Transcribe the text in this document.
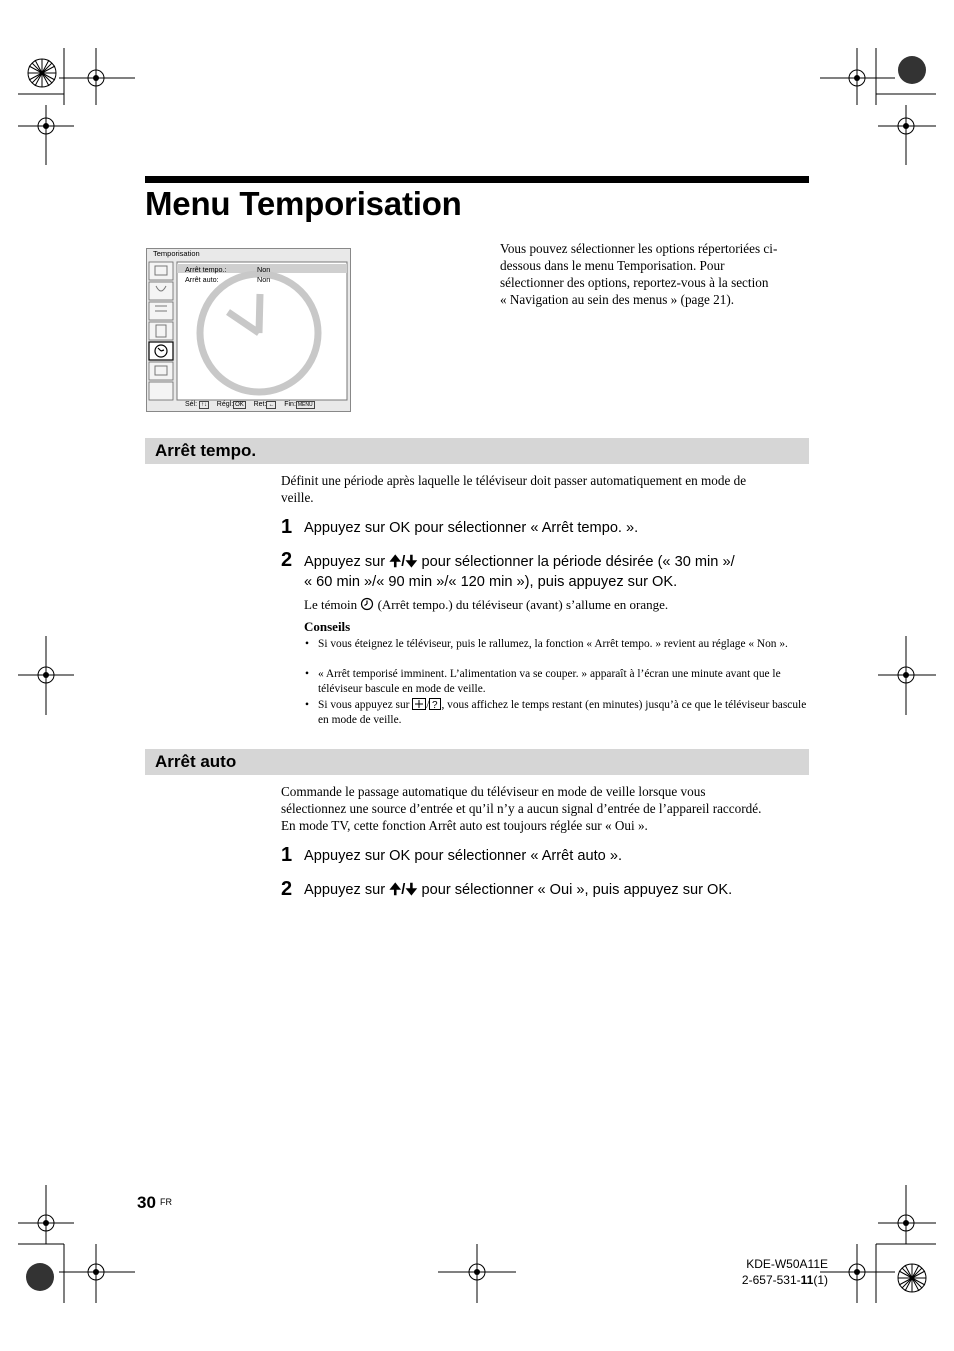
Menu Temporisation
Temporisation
Arrêt tempo.:	Non
Arrêt auto:	Non
Sél: ↑↓ Régl: OK Ret: ← Fin: MENU
Vous pouvez sélectionner les options répertoriées ci-
dessous dans le menu Temporisation. Pour
sélectionner des options, reportez-vous à la section
« Navigation au sein des menus » (page 21).
Arrêt tempo.
Définit une période après laquelle le téléviseur doit passer automatiquement en mode de
veille.
1 Appuyez sur OK pour sélectionner « Arrêt tempo. ».
2 Appuyez sur 🠉/🠋 pour sélectionner la période désirée (« 30 min »/
« 60 min »/« 90 min »/« 120 min »), puis appuyez sur OK.
Le témoin (Arrêt tempo.) du téléviseur (avant) s’allume en orange.
Conseils
• Si vous éteignez le téléviseur, puis le rallumez, la fonction « Arrêt tempo. » revient au réglage « Non ».
• « Arrêt temporisé imminent. L’alimentation va se couper. » apparaît à l’écran une minute avant que le téléviseur bascule en mode de veille.
• Si vous appuyez sur / ? , vous affichez le temps restant (en minutes) jusqu’à ce que le téléviseur bascule en mode de veille.
Arrêt auto
Commande le passage automatique du téléviseur en mode de veille lorsque vous
sélectionnez une source d’entrée et qu’il n’y a aucun signal d’entrée de l’appareil raccordé.
En mode TV, cette fonction Arrêt auto est toujours réglée sur « Oui ».
1 Appuyez sur OK pour sélectionner « Arrêt auto ».
2 Appuyez sur 🠉/🠋 pour sélectionner « Oui », puis appuyez sur OK.
30 FR
KDE-W50A11E
2-657-531-11(1)
